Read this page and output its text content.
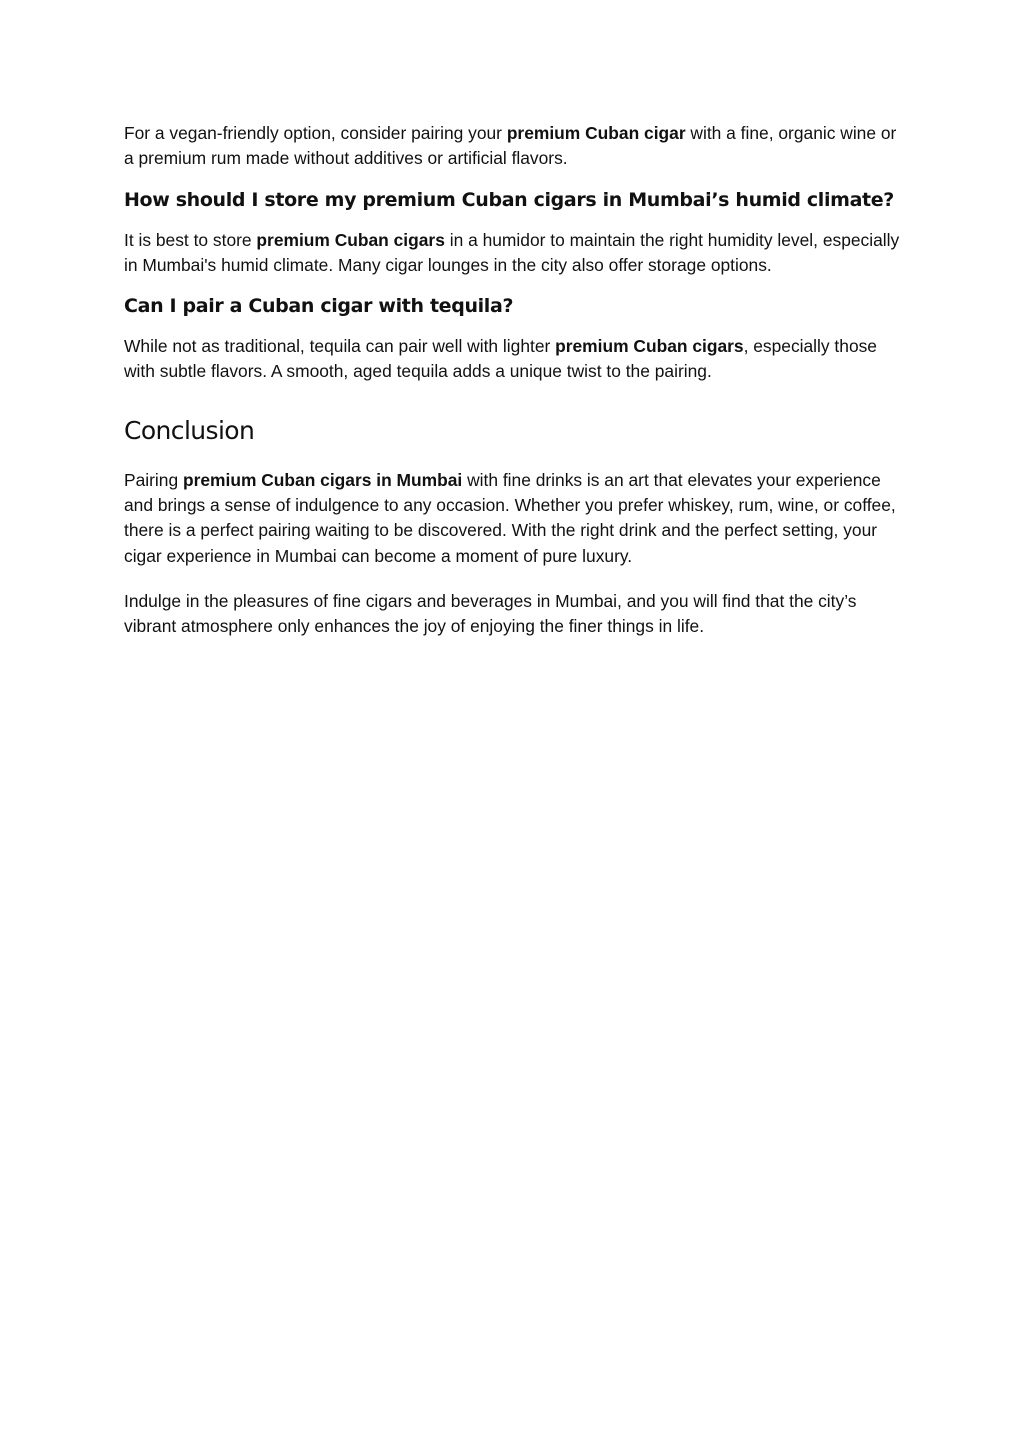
For a vegan-friendly option, consider pairing your premium Cuban cigar with a fine, organic wine or a premium rum made without additives or artificial flavors.

How should I store my premium Cuban cigars in Mumbai’s humid climate?

It is best to store premium Cuban cigars in a humidor to maintain the right humidity level, especially in Mumbai's humid climate. Many cigar lounges in the city also offer storage options.

Can I pair a Cuban cigar with tequila?

While not as traditional, tequila can pair well with lighter premium Cuban cigars, especially those with subtle flavors. A smooth, aged tequila adds a unique twist to the pairing.

Conclusion

Pairing premium Cuban cigars in Mumbai with fine drinks is an art that elevates your experience and brings a sense of indulgence to any occasion. Whether you prefer whiskey, rum, wine, or coffee, there is a perfect pairing waiting to be discovered. With the right drink and the perfect setting, your cigar experience in Mumbai can become a moment of pure luxury.

Indulge in the pleasures of fine cigars and beverages in Mumbai, and you will find that the city’s vibrant atmosphere only enhances the joy of enjoying the finer things in life.
